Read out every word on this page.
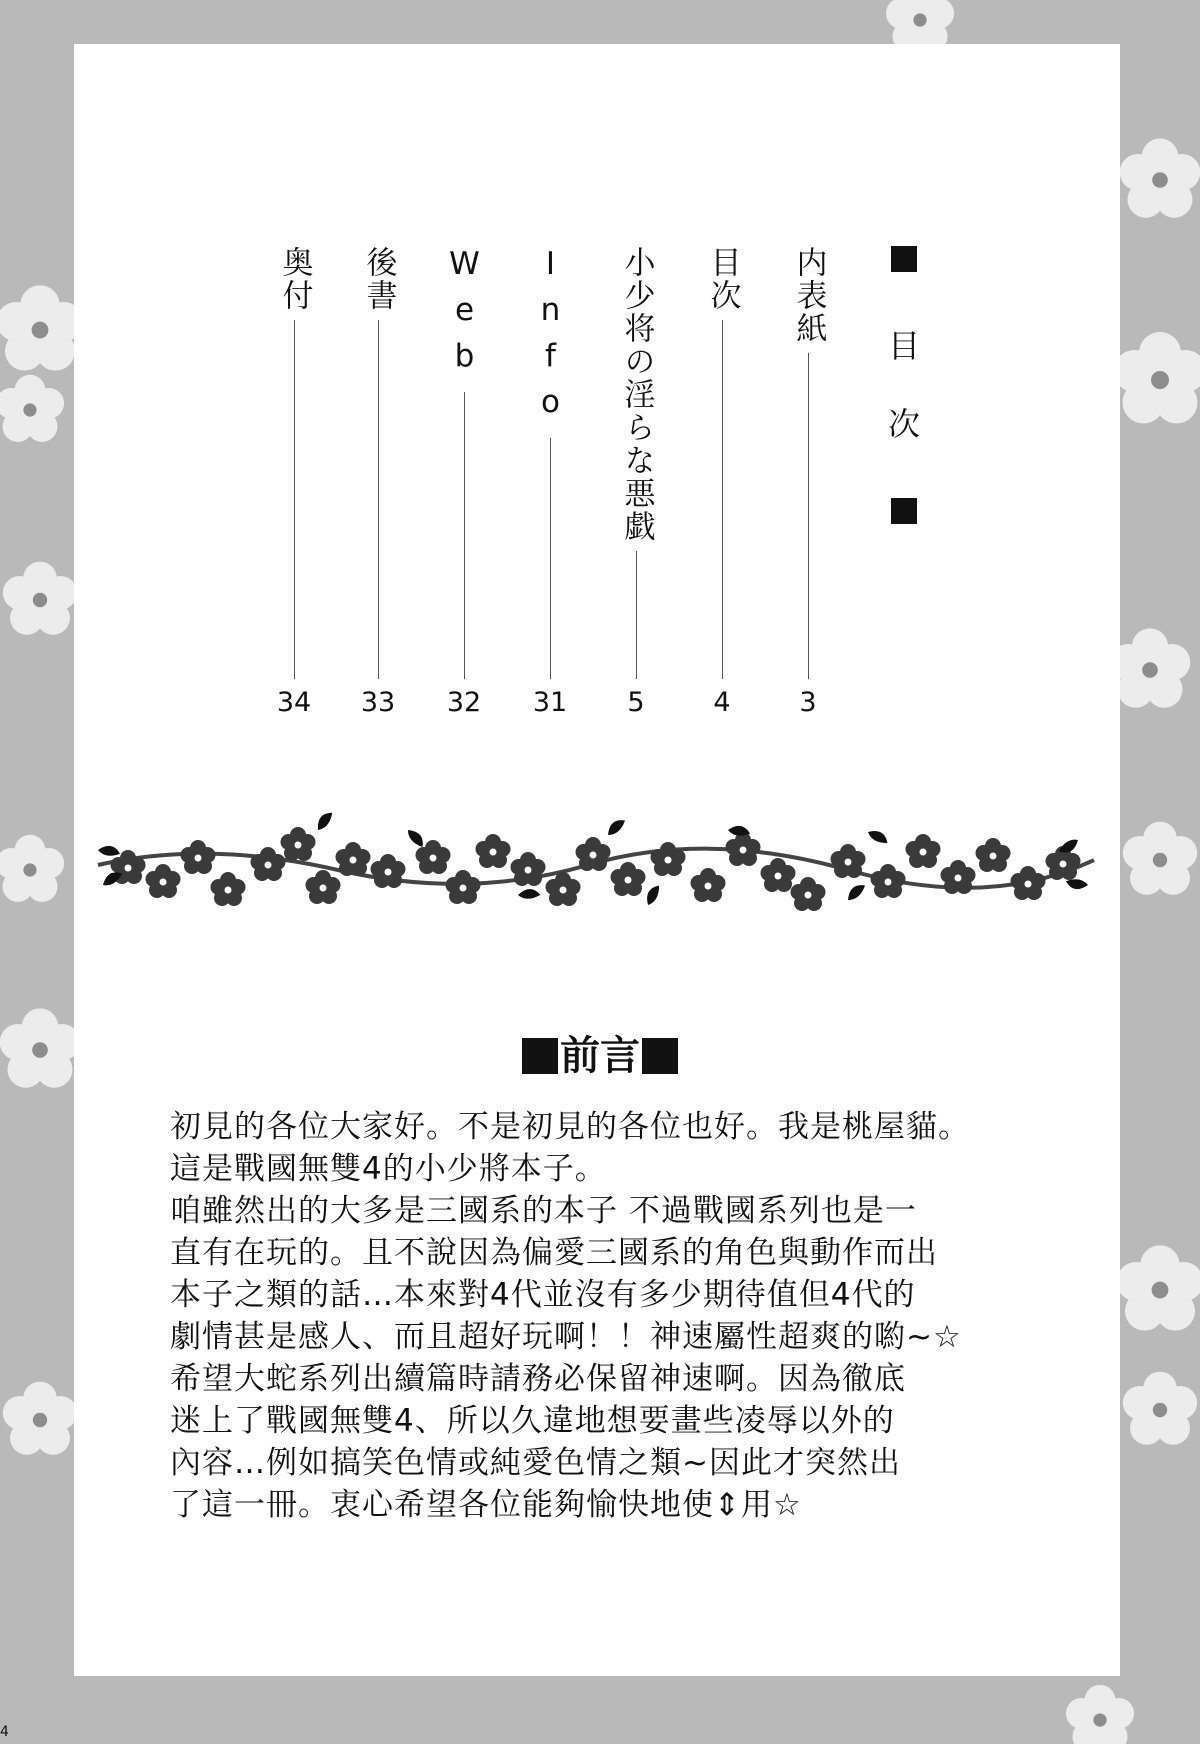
目
次
内表紙
3
目次
4
小少将の淫らな悪戯
5
Info
31
Web
32
後書
33
奥付
34
前言

初見的各位大家好。不是初見的各位也好。我是桃屋貓。

這是戰國無雙4的小少將本子。

咱雖然出的大多是三國系的本子 不過戰國系列也是一

直有在玩的。且不說因為偏愛三國系的角色與動作而出

本子之類的話…本來對4代並沒有多少期待值但4代的

劇情甚是感人、而且超好玩啊！！神速屬性超爽的喲~☆

希望大蛇系列出續篇時請務必保留神速啊。因為徹底

迷上了戰國無雙4、所以久違地想要畫些凌辱以外的

內容…例如搞笑色情或純愛色情之類~因此才突然出

了這一冊。衷心希望各位能夠愉快地使⇕用☆

4
